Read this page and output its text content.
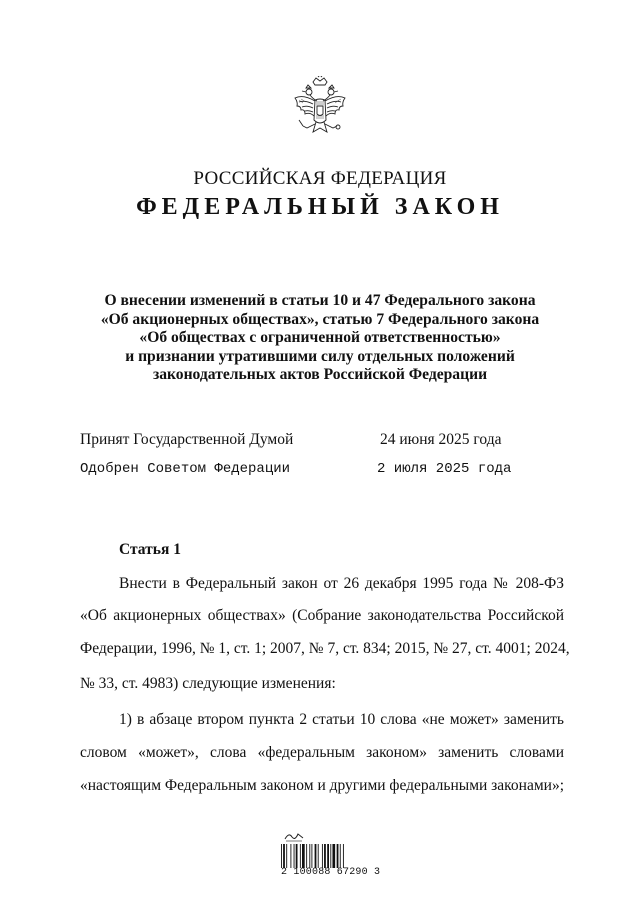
РОССИЙСКАЯ ФЕДЕРАЦИЯ
ФЕДЕРАЛЬНЫЙ ЗАКОН
О внесении изменений в статьи 10 и 47 Федерального закона
«Об акционерных обществах», статью 7 Федерального закона
«Об обществах с ограниченной ответственностью»
и признании утратившими силу отдельных положений
законодательных актов Российской Федерации
Принят Государственной Думой	24 июня 2025 года
Одобрен Советом Федерации	2 июля 2025 года
Статья 1
Внести в Федеральный закон от 26 декабря 1995 года № 208-ФЗ
«Об акционерных обществах» (Собрание законодательства Российской
Федерации, 1996, № 1, ст. 1; 2007, № 7, ст. 834; 2015, № 27, ст. 4001; 2024,
№ 33, ст. 4983) следующие изменения:
1) в абзаце втором пункта 2 статьи 10 слова «не может» заменить
словом «может», слова «федеральным законом» заменить словами
«настоящим Федеральным законом и другими федеральными законами»;
2 100088 67290 3
